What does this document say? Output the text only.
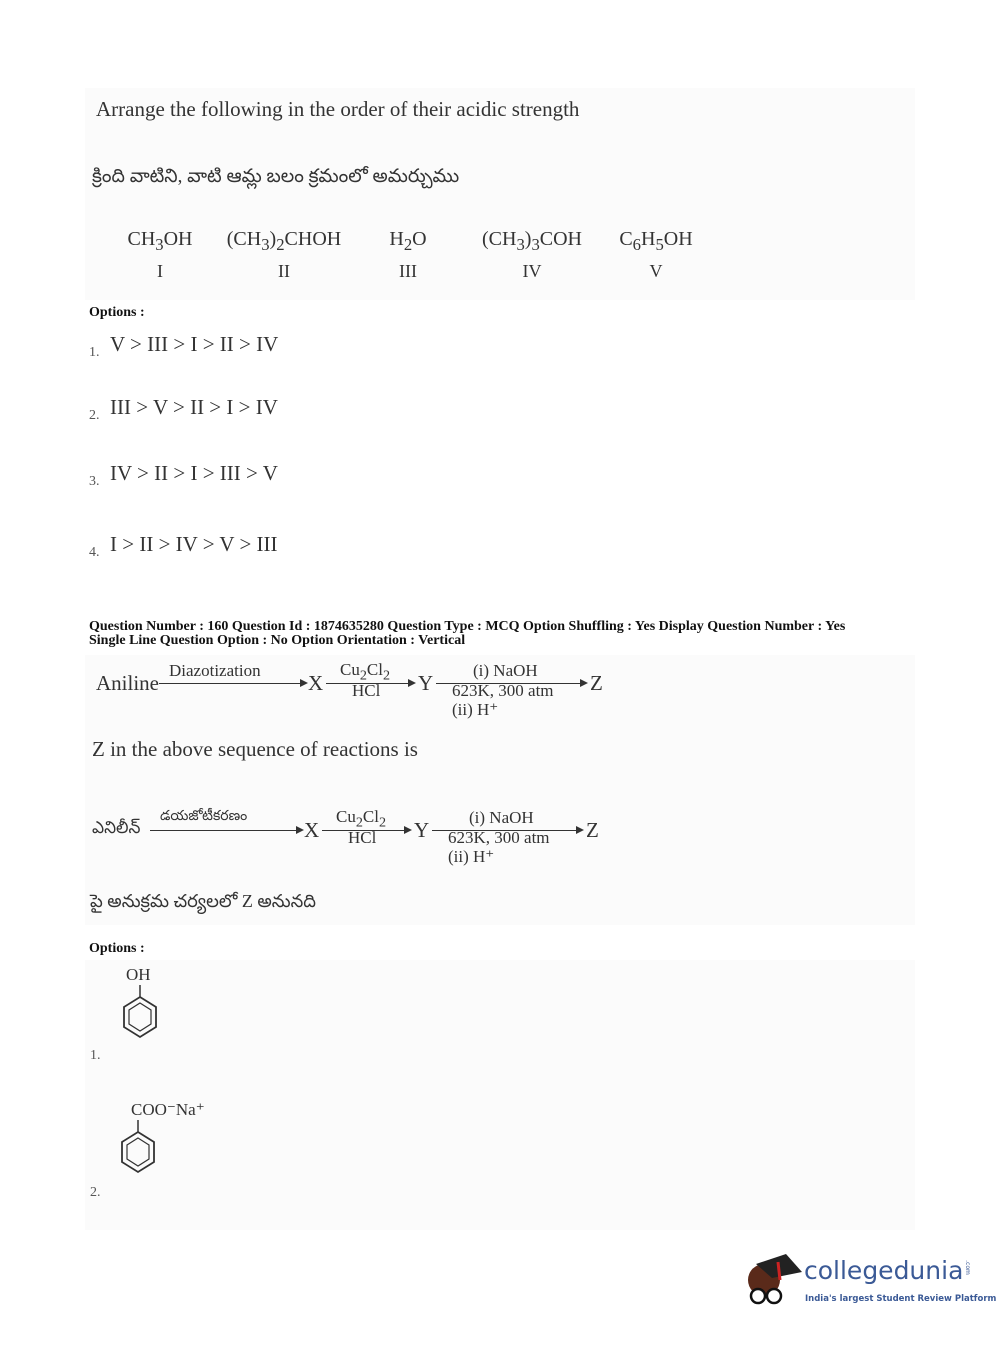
Arrange the following in the order of their acidic strength
క్రింది వాటిని, వాటి ఆమ్ల బలం క్రమంలో అమర్చుము
Options :
Question Number : 160 Question Id : 1874635280 Question Type : MCQ Option Shuffling : Yes Display Question Number : Yes
Single Line Question Option : No Option Orientation : Vertical
Z in the above sequence of reactions is
పై అనుక్రమ చర్యలలో Z అనునది
Options :
OH
1.
COO⁻Na⁺
2.
collegedunia .com
India's largest Student Review Platform
$CH_3OH$
I
$(CH_3)_2CHOH$
II
$H_2O$
III
$(CH_3)_3COH$
IV
$C_6H_5OH$
V
1. V > III > I > II > IV
2. III > V > II > I > IV
3. IV > II > I > III > V
4. I > II > IV > V > III
Aniline
Diazotization
X
$Cu_2Cl_2$
HCl Y
(i) NaOH
623K, 300 atm
(ii) H⁺
Z
ఎనిలీన్
డయజోటీకరణం
X
$Cu_2Cl_2$
HCl Y
(i) NaOH
623K, 300 atm
(ii) H⁺
Z
